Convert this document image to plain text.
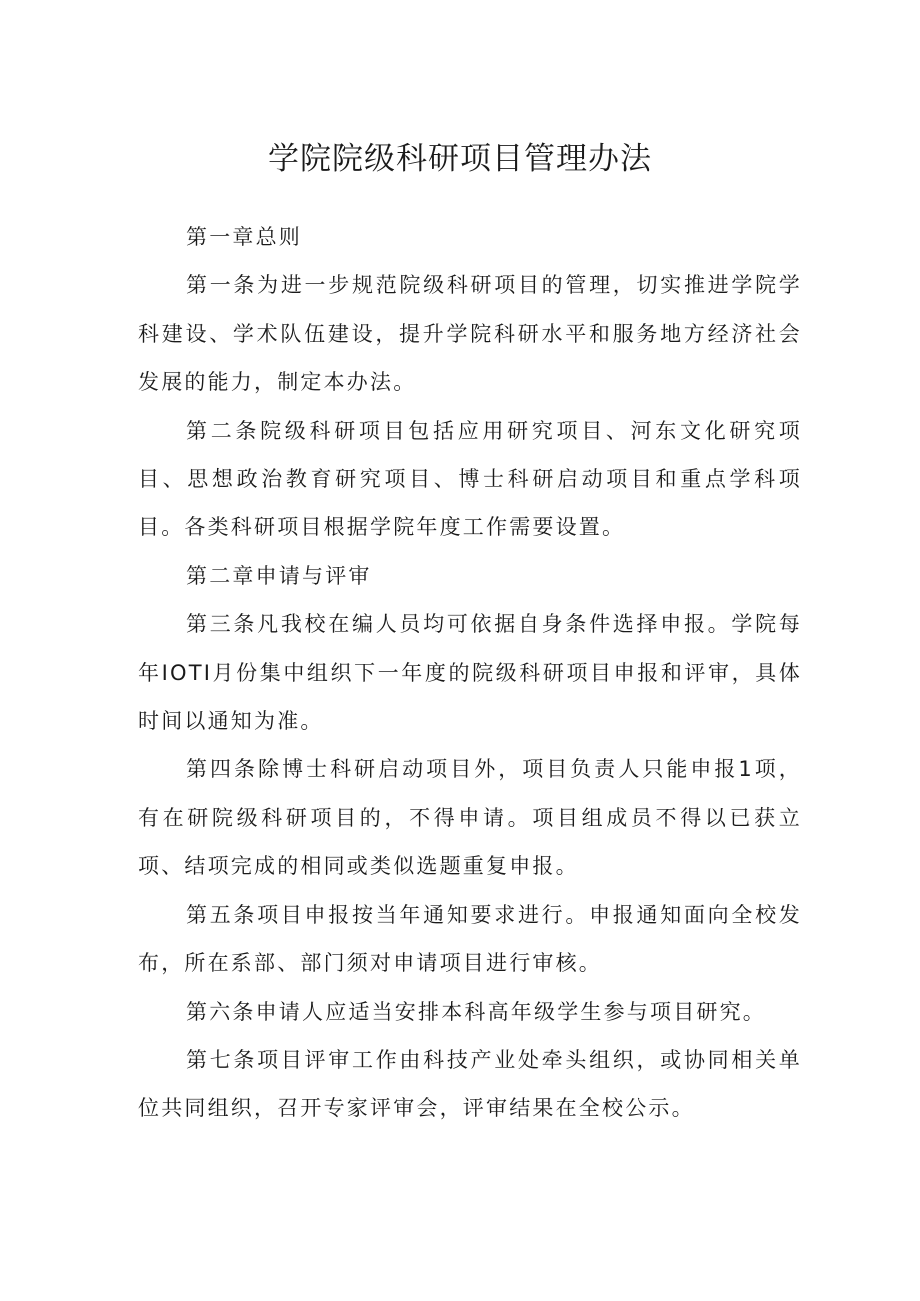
学院院级科研项目管理办法

第一章总则

第一条为进一步规范院级科研项目的管理，切实推进学院学科建设、学术队伍建设，提升学院科研水平和服务地方经济社会发展的能力，制定本办法。

第二条院级科研项目包括应用研究项目、河东文化研究项目、思想政治教育研究项目、博士科研启动项目和重点学科项目。各类科研项目根据学院年度工作需要设置。

第二章申请与评审

第三条凡我校在编人员均可依据自身条件选择申报。学院每年IOTI月份集中组织下一年度的院级科研项目申报和评审，具体时间以通知为准。

第四条除博士科研启动项目外，项目负责人只能申报1项，有在研院级科研项目的，不得申请。项目组成员不得以已获立项、结项完成的相同或类似选题重复申报。

第五条项目申报按当年通知要求进行。申报通知面向全校发布，所在系部、部门须对申请项目进行审核。

第六条申请人应适当安排本科高年级学生参与项目研究。

第七条项目评审工作由科技产业处牵头组织，或协同相关单位共同组织，召开专家评审会，评审结果在全校公示。
